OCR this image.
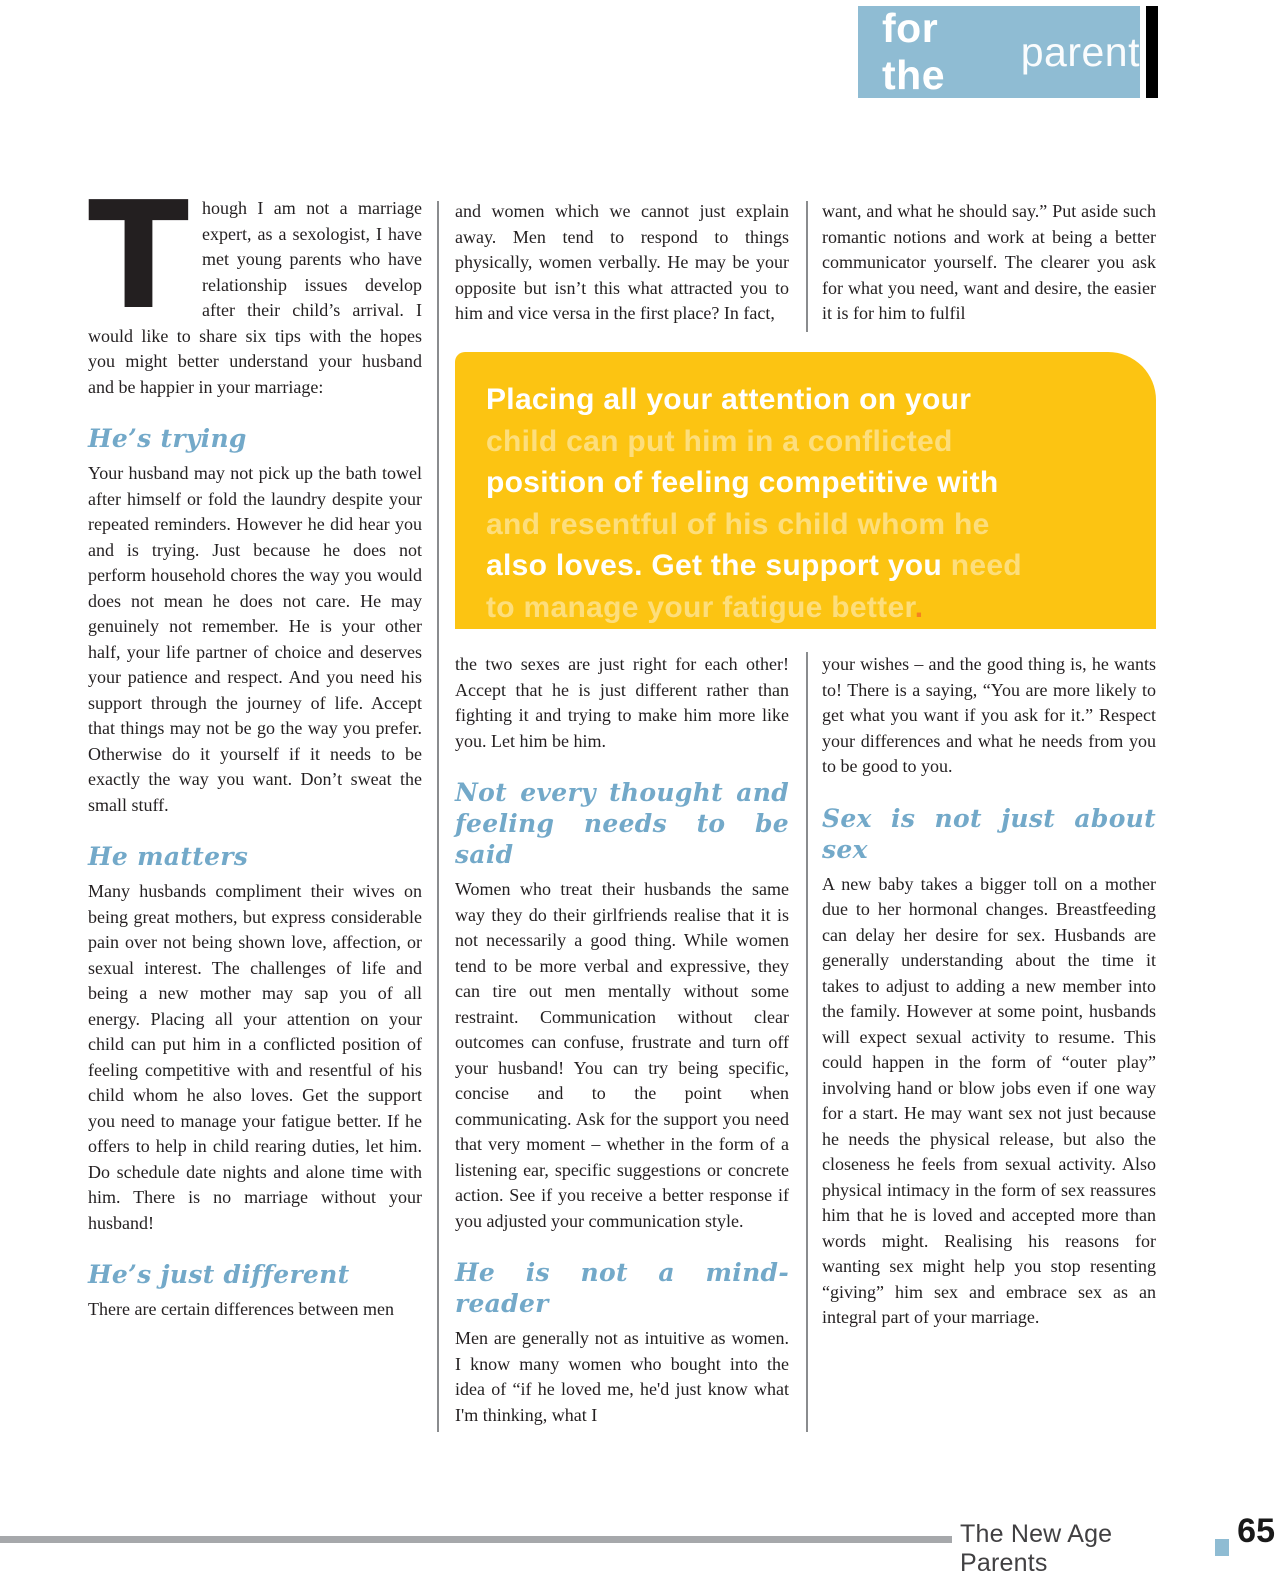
for the
parent

Though I am not a marriage expert, as a sexologist, I have met young parents who have relationship issues develop after their child’s arrival. I would like to share six tips with the hopes you might better understand your husband and be happier in your marriage:

He’s trying

Your husband may not pick up the bath towel after himself or fold the laundry despite your repeated reminders. However he did hear you and is trying. Just because he does not perform household chores the way you would does not mean he does not care. He may genuinely not remember. He is your other half, your life partner of choice and deserves your patience and respect. And you need his support through the journey of life. Accept that things may not be go the way you prefer. Otherwise do it yourself if it needs to be exactly the way you want. Don’t sweat the small stuff.

He matters

Many husbands compliment their wives on being great mothers, but express considerable pain over not being shown love, affection, or sexual interest. The challenges of life and being a new mother may sap you of all energy. Placing all your attention on your child can put him in a conflicted position of feeling competitive with and resentful of his child whom he also loves. Get the support you need to manage your fatigue better. If he offers to help in child rearing duties, let him. Do schedule date nights and alone time with him. There is no marriage without your husband!

He’s just different

There are certain differences between men

and women which we cannot just explain away. Men tend to respond to things physically, women verbally. He may be your opposite but isn’t this what attracted you to him and vice versa in the first place? In fact,

want, and what he should say.” Put aside such romantic notions and work at being a better communicator yourself. The clearer you ask for what you need, want and desire, the easier it is for him to fulfil

Placing all your attention on your

child can put him in a conflicted

position of feeling competitive with

and resentful of his child whom he

also loves. Get the support you need

to manage your fatigue better.

the two sexes are just right for each other! Accept that he is just different rather than fighting it and trying to make him more like you. Let him be him.

Not every thought and feeling needs to be said

Women who treat their husbands the same way they do their girlfriends realise that it is not necessarily a good thing. While women tend to be more verbal and expressive, they can tire out men mentally without some restraint. Communication without clear outcomes can confuse, frustrate and turn off your husband! You can try being specific, concise and to the point when communicating. Ask for the support you need that very moment – whether in the form of a listening ear, specific suggestions or concrete action. See if you receive a better response if you adjusted your communication style.

He is not a mind-reader

Men are generally not as intuitive as women. I know many women who bought into the idea of “if he loved me, he'd just know what I'm thinking, what I

your wishes – and the good thing is, he wants to! There is a saying, “You are more likely to get what you want if you ask for it.” Respect your differences and what he needs from you to be good to you.

Sex is not just about sex

A new baby takes a bigger toll on a mother due to her hormonal changes. Breastfeeding can delay her desire for sex. Husbands are generally understanding about the time it takes to adjust to adding a new member into the family. However at some point, husbands will expect sexual activity to resume. This could happen in the form of “outer play” involving hand or blow jobs even if one way for a start. He may want sex not just because he needs the physical release, but also the closeness he feels from sexual activity. Also physical intimacy in the form of sex reassures him that he is loved and accepted more than words might. Realising his reasons for wanting sex might help you stop resenting “giving” him sex and embrace sex as an integral part of your marriage.

The New Age Parents
65
